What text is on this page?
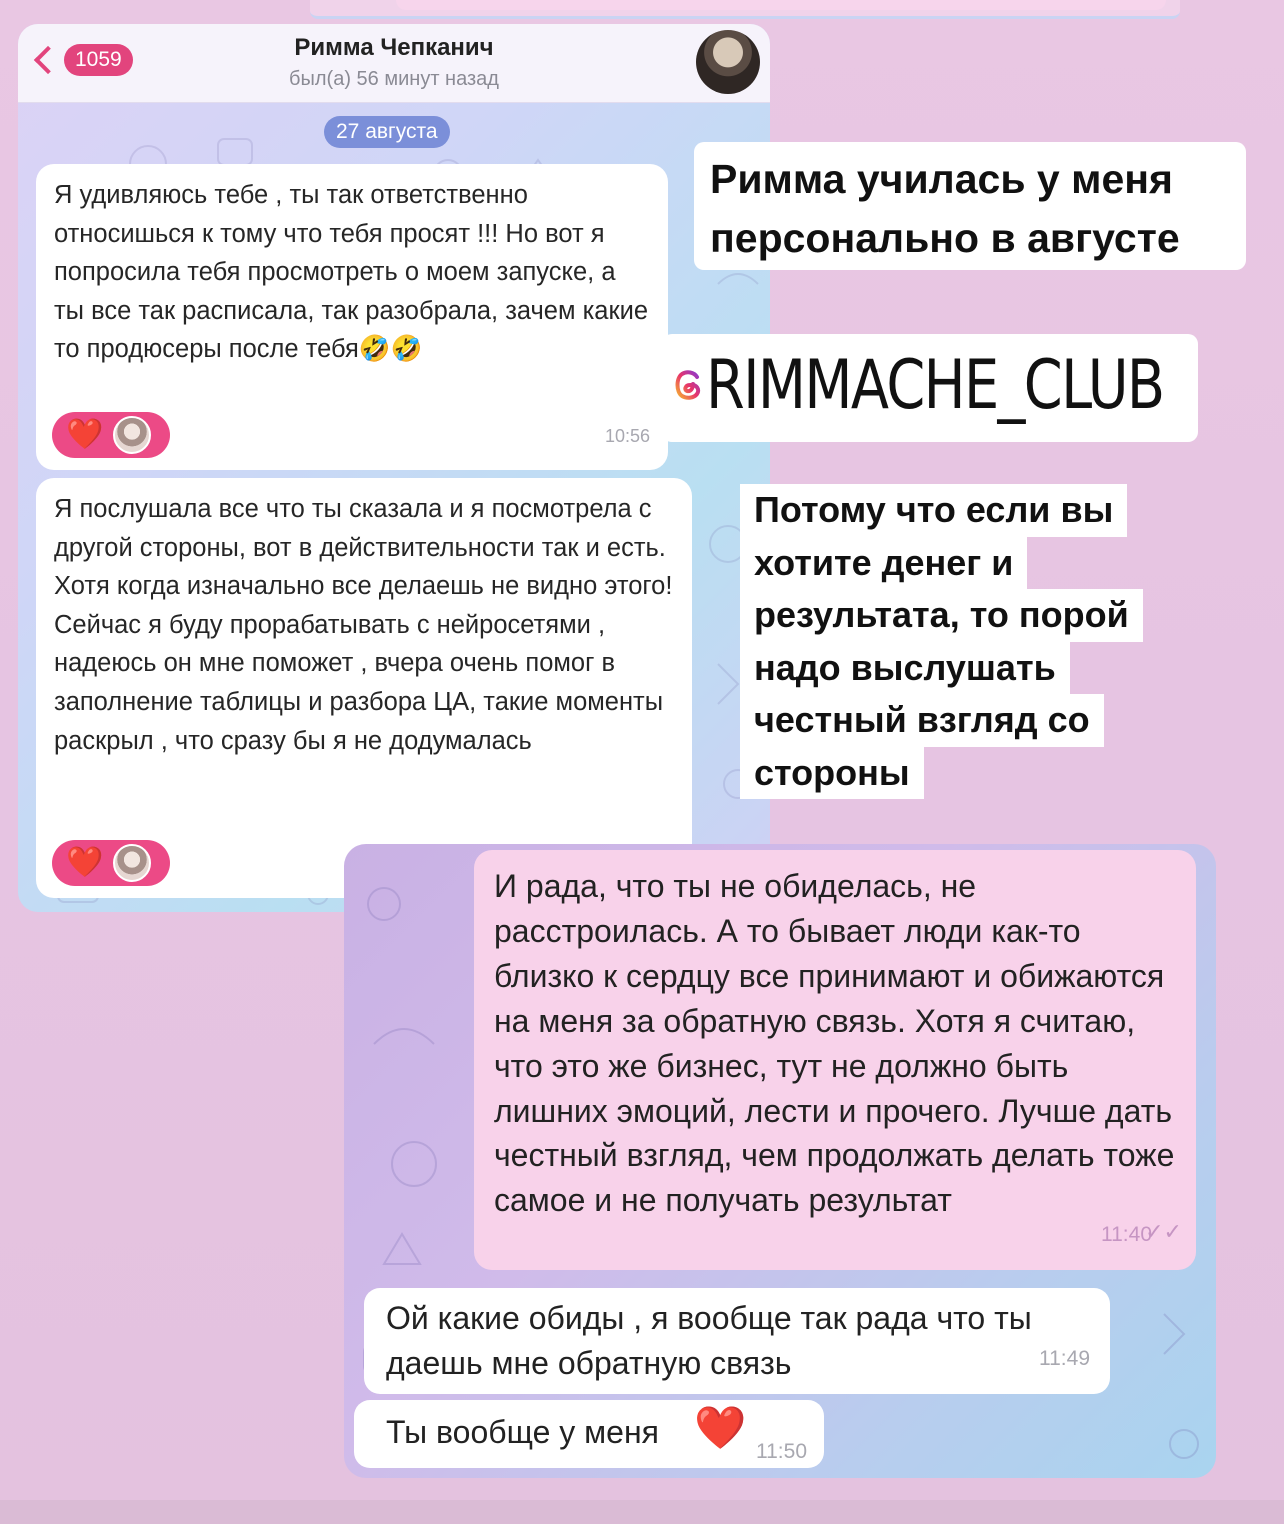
1059	Римма Чепканич
был(а) 56 минут назад
27 августа
Я удивляюсь тебе , ты так ответственно относишься к тому что тебя просят !!! Но вот я попросила тебя просмотреть о моем запуске, а ты все так расписала, так разобрала, зачем какие то продюсеры после тебя🤣🤣
❤️	10:56
Я послушала все что ты сказала и я посмотрела с другой стороны, вот в действительности так и есть. Хотя когда изначально все делаешь не видно этого! Сейчас я буду прорабатывать с нейросетями , надеюсь он мне поможет , вчера очень помог в заполнение таблицы и разбора ЦА, такие моменты раскрыл , что сразу бы я не додумалась
❤️
Римма училась у меня
персонально в августе
RIMMACHE_CLUB
Потому что если вы
хотите денег и
результата, то порой
надо выслушать
честный взгляд со
стороны
И рада, что ты не обиделась, не расстроилась. А то бывает люди как-то близко к сердцу все принимают и обижаются на меня за обратную связь. Хотя я считаю, что это же бизнес, тут не должно быть лишних эмоций, лести и прочего. Лучше дать честный взгляд, чем продолжать делать тоже самое и не получать результат
11:40
✓✓
Ой какие обиды , я вообще так рада что ты даешь мне обратную связь	11:49
Ты вообще у меня ❤️
11:50
